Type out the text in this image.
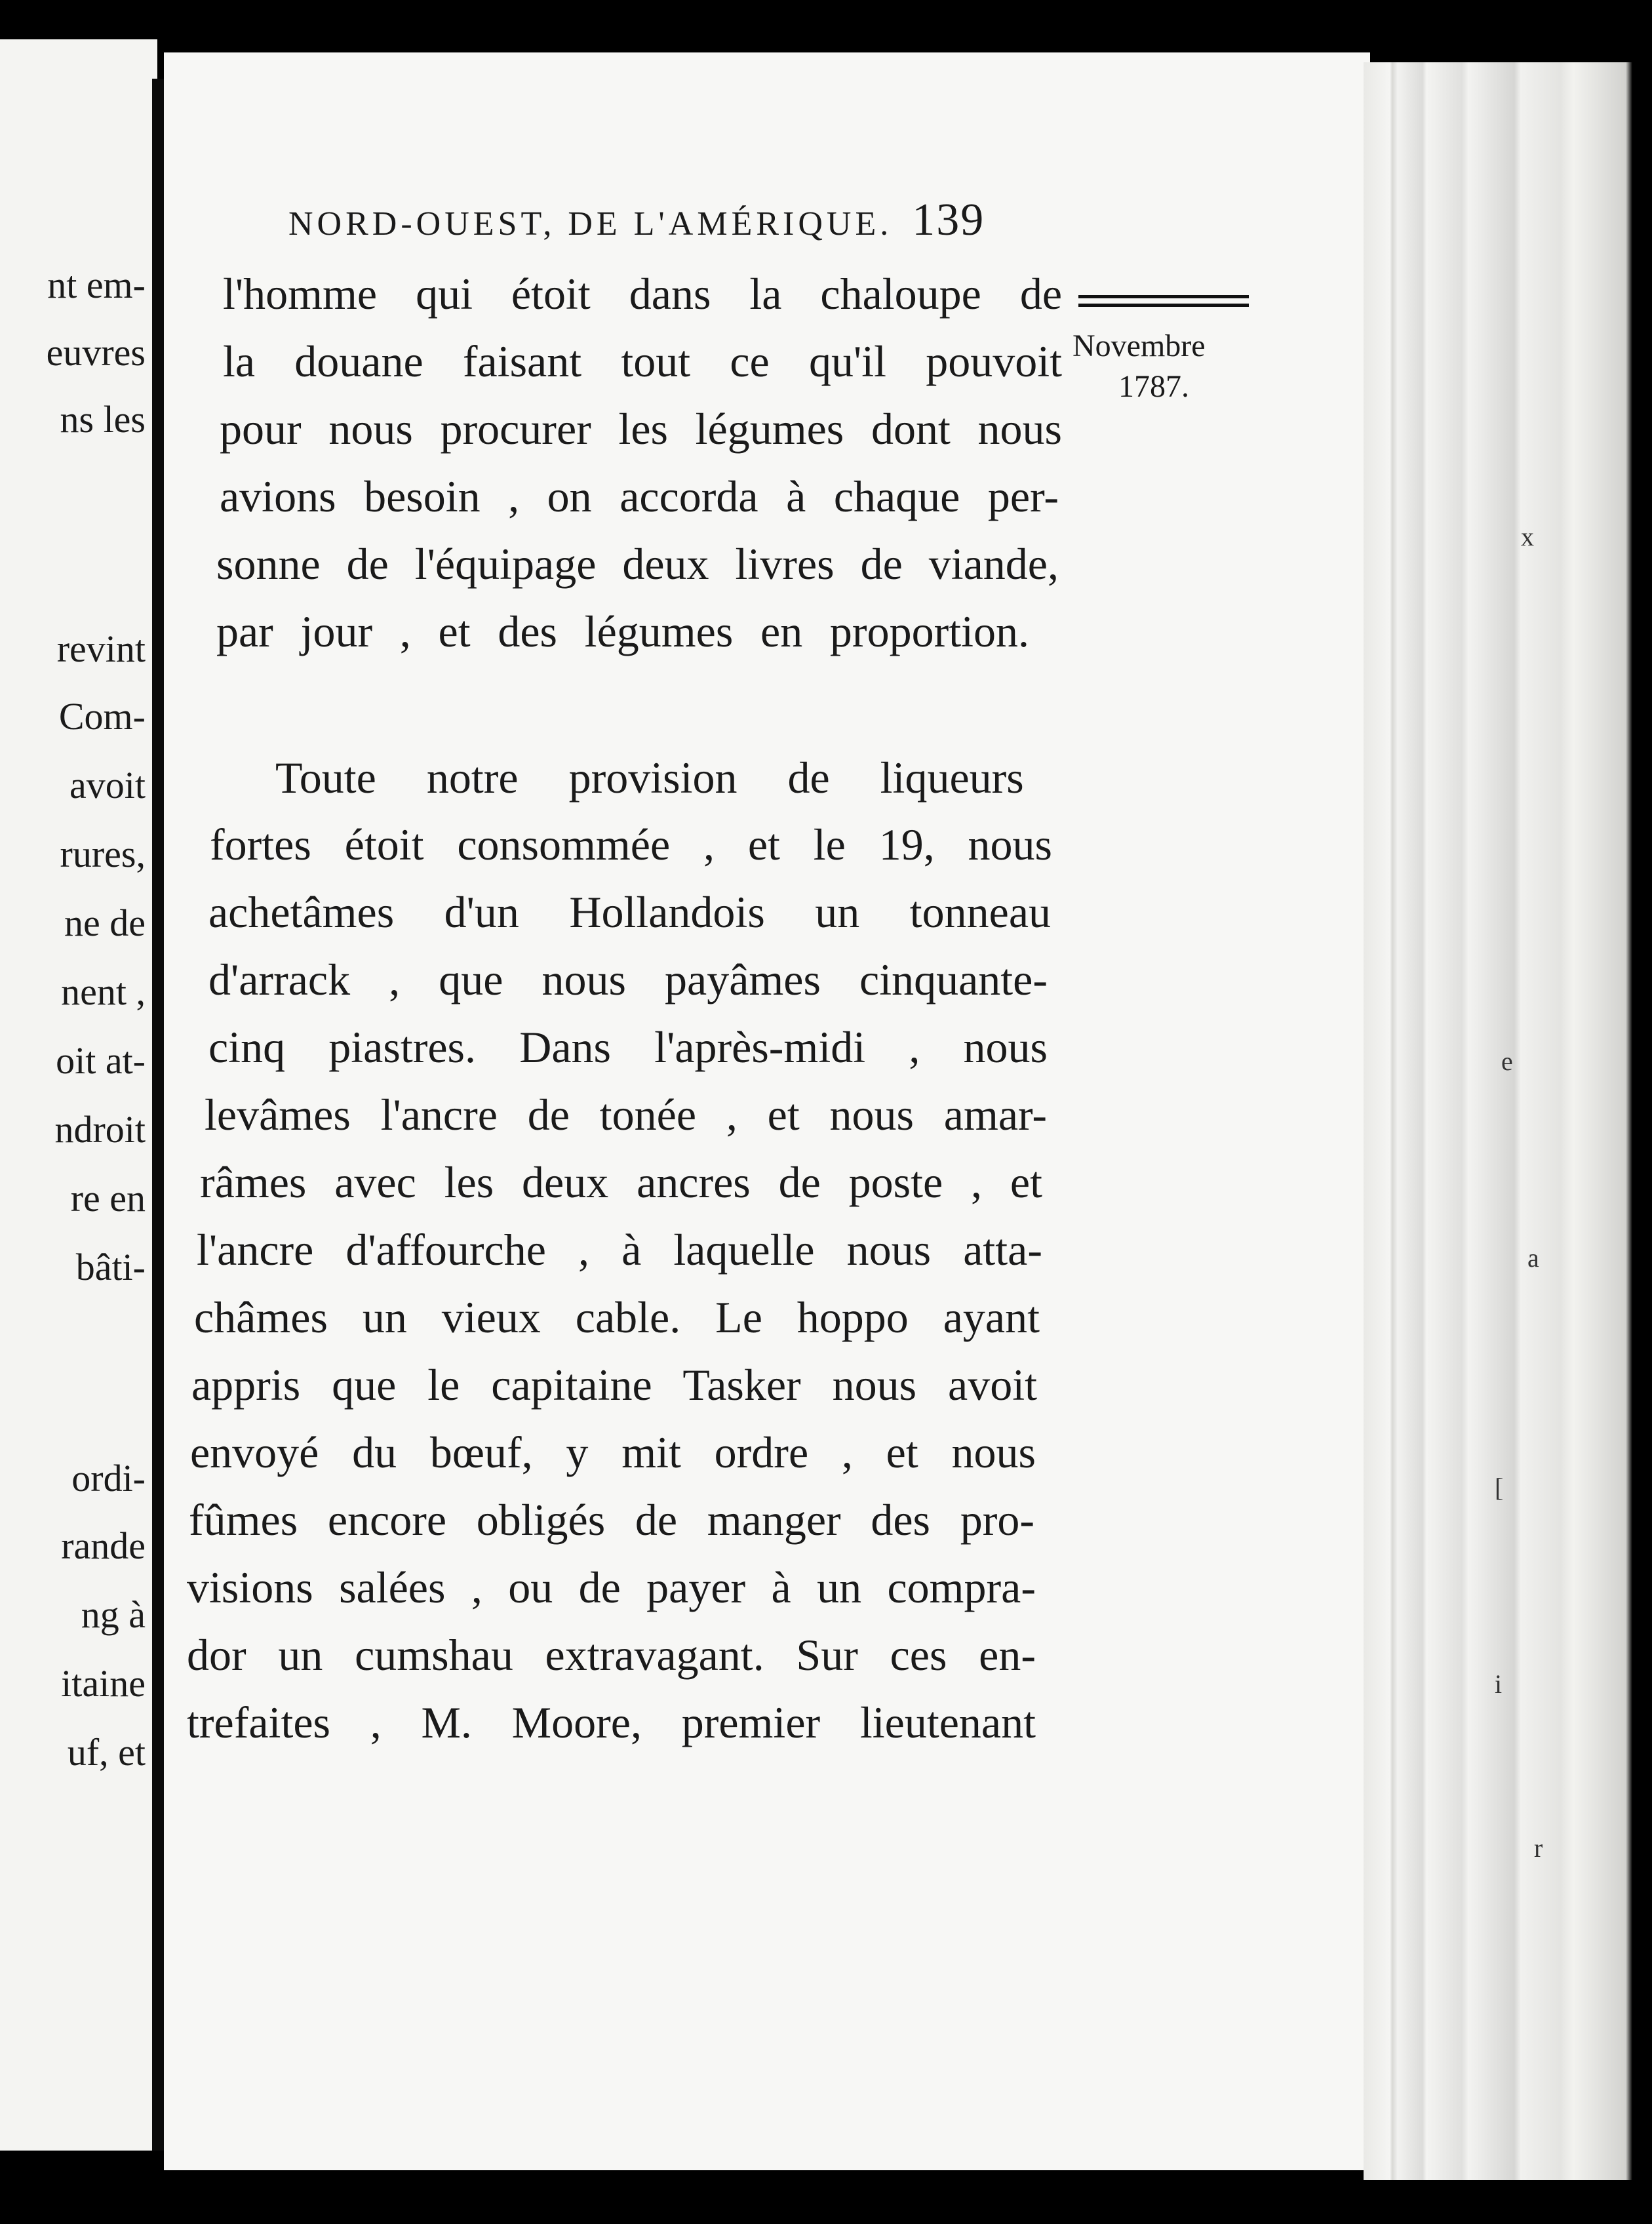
nt em-
euvres
ns les
revint
Com-
avoit
rures,
ne de
nent ,
oit at-
ndroit
re en
bâti-
ordi-
rande
ng à
itaine
uf, et
x
e
a
[
i
r
NORD-OUEST, DE L'AMÉRIQUE. 139
Novembre
1787.
l'homme qui étoit dans la chaloupe de
la douane faisant tout ce qu'il pouvoit
pour nous procurer les légumes dont nous
avions besoin , on accorda à chaque per-
sonne de l'équipage deux livres de viande,
par jour , et des légumes en proportion.
Toute notre provision de liqueurs
fortes étoit consommée , et le 19, nous
achetâmes d'un Hollandois un tonneau
d'arrack , que nous payâmes cinquante-
cinq piastres. Dans l'après-midi , nous
levâmes l'ancre de tonée , et nous amar-
râmes avec les deux ancres de poste , et
l'ancre d'affourche , à laquelle nous atta-
châmes un vieux cable. Le hoppo ayant
appris que le capitaine Tasker nous avoit
envoyé du bœuf, y mit ordre , et nous
fûmes encore obligés de manger des pro-
visions salées , ou de payer à un compra-
dor un cumshau extravagant. Sur ces en-
trefaites , M. Moore, premier lieutenant
